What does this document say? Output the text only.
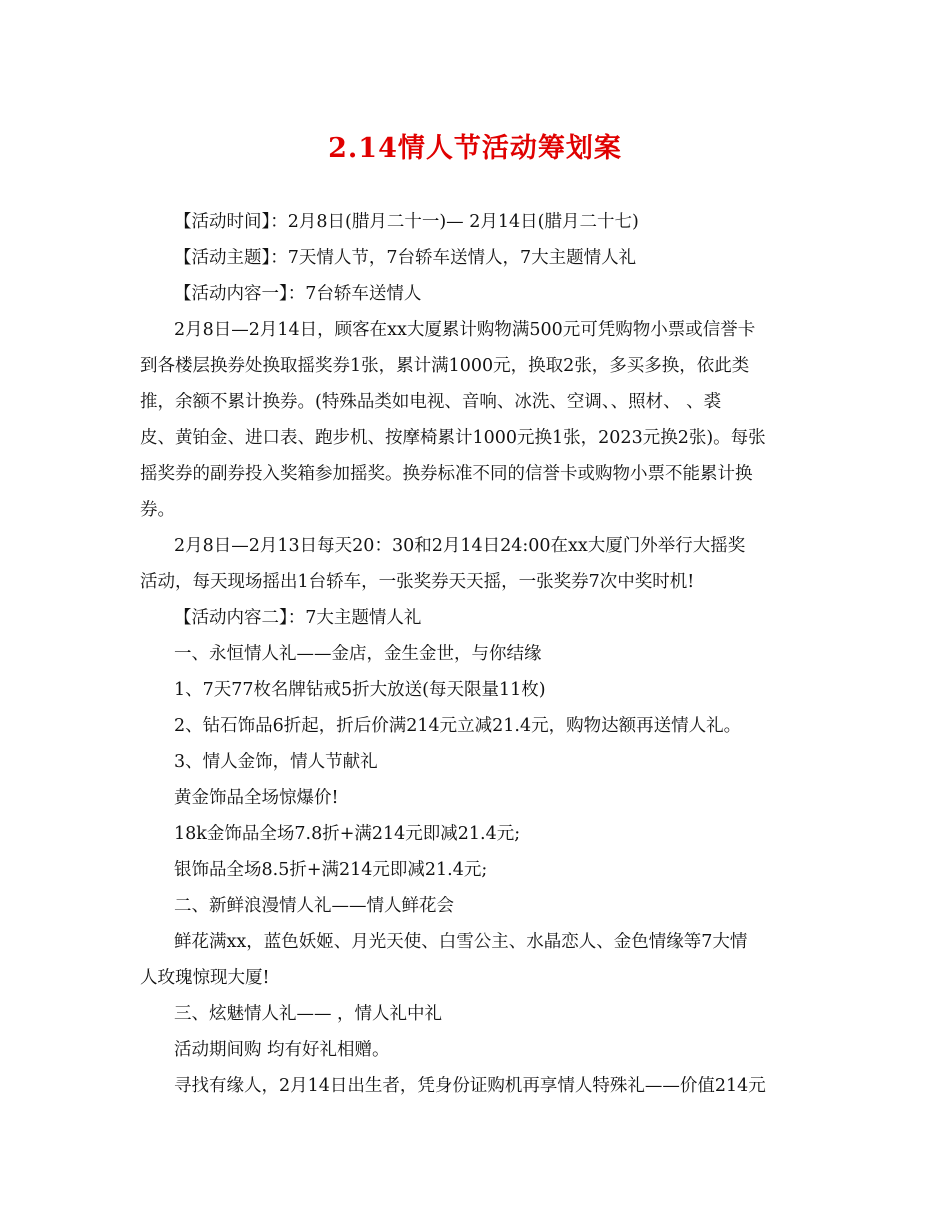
2.14情人节活动筹划案
【活动时间】：2月8日(腊月二十一)— 2月14日(腊月二十七)
【活动主题】：7天情人节，7台轿车送情人，7大主题情人礼
【活动内容一】：7台轿车送情人
2月8日—2月14日，顾客在xx大厦累计购物满500元可凭购物小票或信誉卡
到各楼层换券处换取摇奖券1张，累计满1000元，换取2张，多买多换，依此类
推，余额不累计换券。(特殊品类如电视、音响、冰洗、空调、、照材、 、裘
皮、黄铂金、进口表、跑步机、按摩椅累计1000元换1张，2023元换2张)。每张
摇奖券的副券投入奖箱参加摇奖。换券标准不同的信誉卡或购物小票不能累计换
券。
2月8日—2月13日每天20：30和2月14日24:00在xx大厦门外举行大摇奖
活动，每天现场摇出1台轿车，一张奖券天天摇，一张奖券7次中奖时机!
【活动内容二】：7大主题情人礼
一、永恒情人礼——金店，金生金世，与你结缘
1、7天77枚名牌钻戒5折大放送(每天限量11枚)
2、钻石饰品6折起，折后价满214元立减21.4元，购物达额再送情人礼。
3、情人金饰，情人节献礼
黄金饰品全场惊爆价!
18k金饰品全场7.8折+满214元即减21.4元;
银饰品全场8.5折+满214元即减21.4元;
二、新鲜浪漫情人礼——情人鲜花会
鲜花满xx，蓝色妖姬、月光天使、白雪公主、水晶恋人、金色情缘等7大情
人玫瑰惊现大厦!
三、炫魅情人礼—— ，情人礼中礼
活动期间购 均有好礼相赠。
寻找有缘人，2月14日出生者，凭身份证购机再享情人特殊礼——价值214元
